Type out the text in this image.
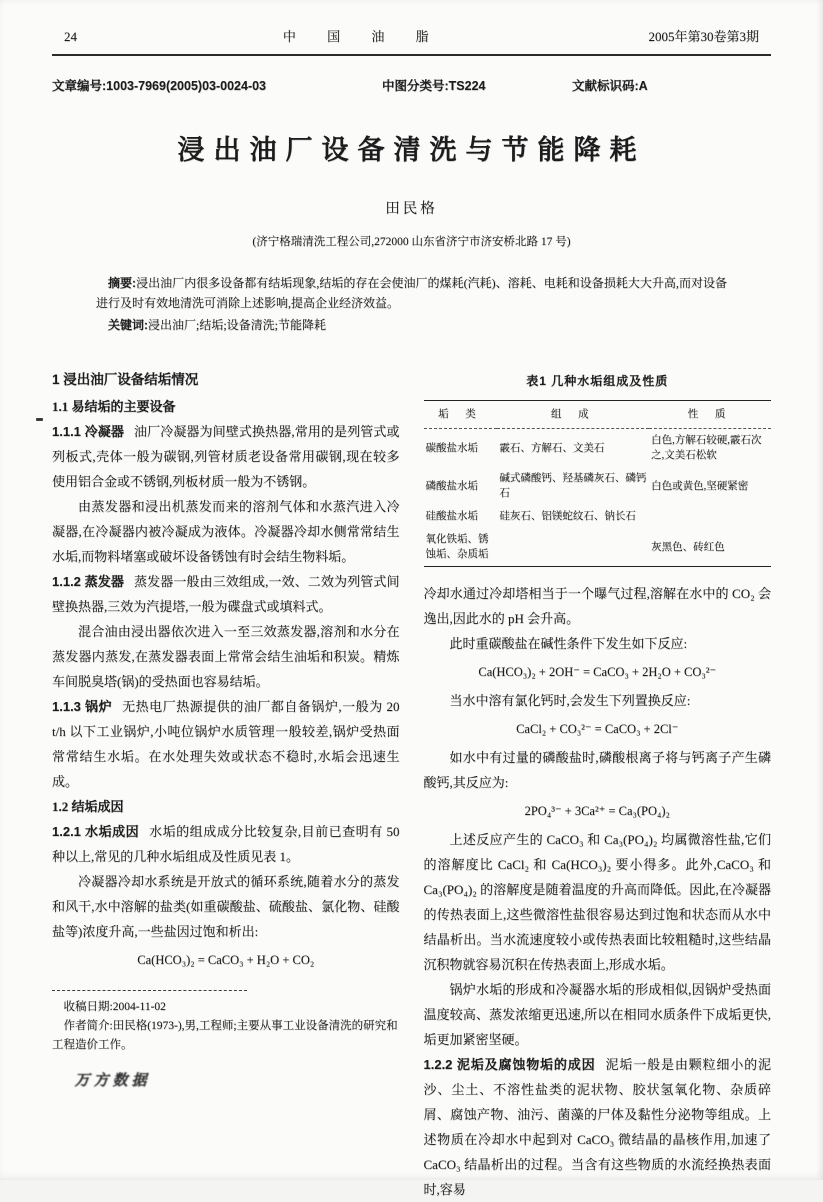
24	中 国 油 脂	2005年第30卷第3期
文章编号:1003-7969(2005)03-0024-03	中图分类号:TS224	文献标识码:A
浸出油厂设备清洗与节能降耗
田民格
(济宁格瑞清洗工程公司,272000 山东省济宁市济安桥北路 17 号)

摘要:浸出油厂内很多设备都有结垢现象,结垢的存在会使油厂的煤耗(汽耗)、溶耗、电耗和设备损耗大大升高,而对设备进行及时有效地清洗可消除上述影响,提高企业经济效益。

关键词:浸出油厂;结垢;设备清洗;节能降耗

1 浸出油厂设备结垢情况

1.1 易结垢的主要设备

1.1.1 冷凝器 油厂冷凝器为间壁式换热器,常用的是列管式或列板式,壳体一般为碳钢,列管材质老设备常用碳钢,现在较多使用铝合金或不锈钢,列板材质一般为不锈钢。

由蒸发器和浸出机蒸发而来的溶剂气体和水蒸汽进入冷凝器,在冷凝器内被冷凝成为液体。冷凝器冷却水侧常常结生水垢,而物料堵塞或破坏设备锈蚀有时会结生物料垢。

1.1.2 蒸发器 蒸发器一般由三效组成,一效、二效为列管式间壁换热器,三效为汽提塔,一般为碟盘式或填料式。

混合油由浸出器依次进入一至三效蒸发器,溶剂和水分在蒸发器内蒸发,在蒸发器表面上常常会结生油垢和积炭。精炼车间脱臭塔(锅)的受热面也容易结垢。

1.1.3 锅炉 无热电厂热源提供的油厂都自备锅炉,一般为 20 t/h 以下工业锅炉,小吨位锅炉水质管理一般较差,锅炉受热面常常结生水垢。在水处理失效或状态不稳时,水垢会迅速生成。

1.2 结垢成因

1.2.1 水垢成因 水垢的组成成分比较复杂,目前已查明有 50 种以上,常见的几种水垢组成及性质见表 1。

冷凝器冷却水系统是开放式的循环系统,随着水分的蒸发和风干,水中溶解的盐类(如重碳酸盐、硫酸盐、氯化物、硅酸盐等)浓度升高,一些盐因过饱和析出:

Ca(HCO₃)₂ = CaCO₃ + H₂O + CO₂

收稿日期:2004-11-02

作者简介:田民格(1973-),男,工程师;主要从事工业设备清洗的研究和工程造价工作。

万方数据
表1 几种水垢组成及性质
垢 类	组 成	性 质
碳酸盐水垢	霰石、方解石、文美石	白色,方解石较硬,霰石次之,文美石松软
磷酸盐水垢	碱式磷酸钙、羟基磷灰石、磷钙石	白色或黄色,坚硬紧密
硅酸盐水垢	硅灰石、铝镁蛇纹石、钠长石	
氧化铁垢、锈蚀垢、杂质垢		灰黑色、砖红色

冷却水通过冷却塔相当于一个曝气过程,溶解在水中的 CO₂ 会逸出,因此水的 pH 会升高。

此时重碳酸盐在碱性条件下发生如下反应:

Ca(HCO₃)₂ + 2OH⁻ = CaCO₃ + 2H₂O + CO₃²⁻

当水中溶有氯化钙时,会发生下列置换反应:

CaCl₂ + CO₃²⁻ = CaCO₃ + 2Cl⁻

如水中有过量的磷酸盐时,磷酸根离子将与钙离子产生磷酸钙,其反应为:

2PO₄³⁻ + 3Ca²⁺ = Ca₃(PO₄)₂

上述反应产生的 CaCO₃ 和 Ca₃(PO₄)₂ 均属微溶性盐,它们的溶解度比 CaCl₂ 和 Ca(HCO₃)₂ 要小得多。此外,CaCO₃ 和 Ca₃(PO₄)₂ 的溶解度是随着温度的升高而降低。因此,在冷凝器的传热表面上,这些微溶性盐很容易达到过饱和状态而从水中结晶析出。当水流速度较小或传热表面比较粗糙时,这些结晶沉积物就容易沉积在传热表面上,形成水垢。

锅炉水垢的形成和冷凝器水垢的形成相似,因锅炉受热面温度较高、蒸发浓缩更迅速,所以在相同水质条件下成垢更快,垢更加紧密坚硬。

1.2.2 泥垢及腐蚀物垢的成因 泥垢一般是由颗粒细小的泥沙、尘土、不溶性盐类的泥状物、胶状氢氧化物、杂质碎屑、腐蚀产物、油污、菌藻的尸体及黏性分泌物等组成。上述物质在冷却水中起到对 CaCO₃ 微结晶的晶核作用,加速了 CaCO₃ 结晶析出的过程。当含有这些物质的水流经换热表面时,容易
